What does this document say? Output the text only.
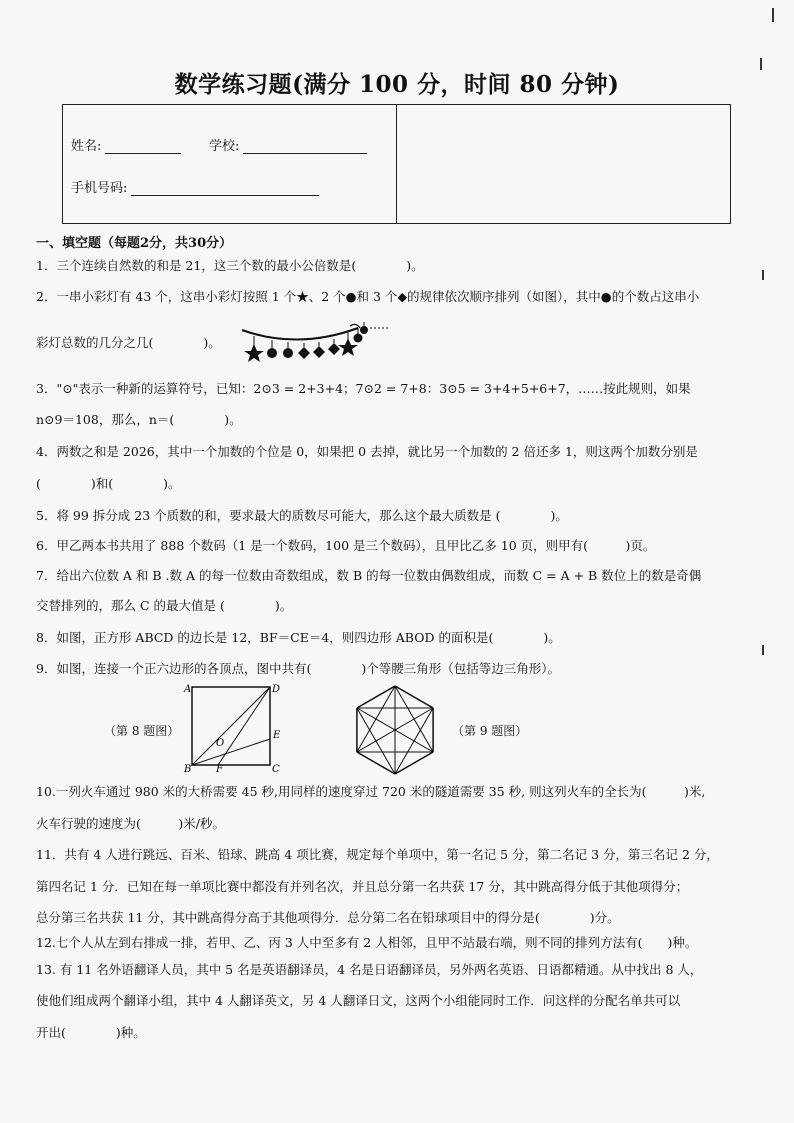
数学练习题(满分 100 分，时间 80 分钟)
姓名:	学校:
手机号码:
一、填空题（每题2分，共30分）
1．三个连续自然数的和是 21，这三个数的最小公倍数是(　　　　)。
2．一串小彩灯有 43 个，这串小彩灯按照 1 个★、2 个●和 3 个◆的规律依次顺序排列（如图），其中●的个数占这串小
彩灯总数的几分之几(　　　　)。
3．"⊙"表示一种新的运算符号，已知：2⊙3 = 2+3+4；7⊙2 = 7+8：3⊙5 = 3+4+5+6+7，……按此规则，如果
n⊙9＝108，那么，n＝(　　　　)。
4．两数之和是 2026，其中一个加数的个位是 0，如果把 0 去掉，就比另一个加数的 2 倍还多 1，则这两个加数分别是
(　　　　)和(　　　　)。
5．将 99 拆分成 23 个质数的和，要求最大的质数尽可能大，那么这个最大质数是 (　　　　)。
6．甲乙两本书共用了 888 个数码（1 是一个数码，100 是三个数码），且甲比乙多 10 页，则甲有(　　　)页。
7．给出六位数 A 和 B .数 A 的每一位数由奇数组成，数 B 的每一位数由偶数组成，而数 C = A + B 数位上的数是奇偶
交替排列的，那么 C 的最大值是 (　　　　)。
8．如图，正方形 ABCD 的边长是 12，BF＝CE＝4，则四边形 ABOD 的面积是(　　　　)。
9．如图，连接一个正六边形的各顶点，图中共有(　　　　)个等腰三角形（包括等边三角形）。
（第 8 题图）
A	D
B	C
E
F
O
（第 9 题图）
10.一列火车通过 980 米的大桥需要 45 秒,用同样的速度穿过 720 米的隧道需要 35 秒, 则这列火车的全长为(　　　)米,
火车行驶的速度为(　　　)米/秒。
11．共有 4 人进行跳远、百米、铅球、跳高 4 项比赛，规定每个单项中，第一名记 5 分，第二名记 3 分，第三名记 2 分，
第四名记 1 分．已知在每一单项比赛中都没有并列名次，并且总分第一名共获 17 分，其中跳高得分低于其他项得分；
总分第三名共获 11 分，其中跳高得分高于其他项得分．总分第二名在铅球项目中的得分是(　　　　)分。
12.七个人从左到右排成一排，若甲、乙、丙 3 人中至多有 2 人相邻，且甲不站最右端，则不同的排列方法有(　　)种。
13. 有 11 名外语翻译人员，其中 5 名是英语翻译员，4 名是日语翻译员，另外两名英语、日语都精通。从中找出 8 人，
使他们组成两个翻译小组，其中 4 人翻译英文，另 4 人翻译日文，这两个小组能同时工作．问这样的分配名单共可以
开出(　　　　)种。
